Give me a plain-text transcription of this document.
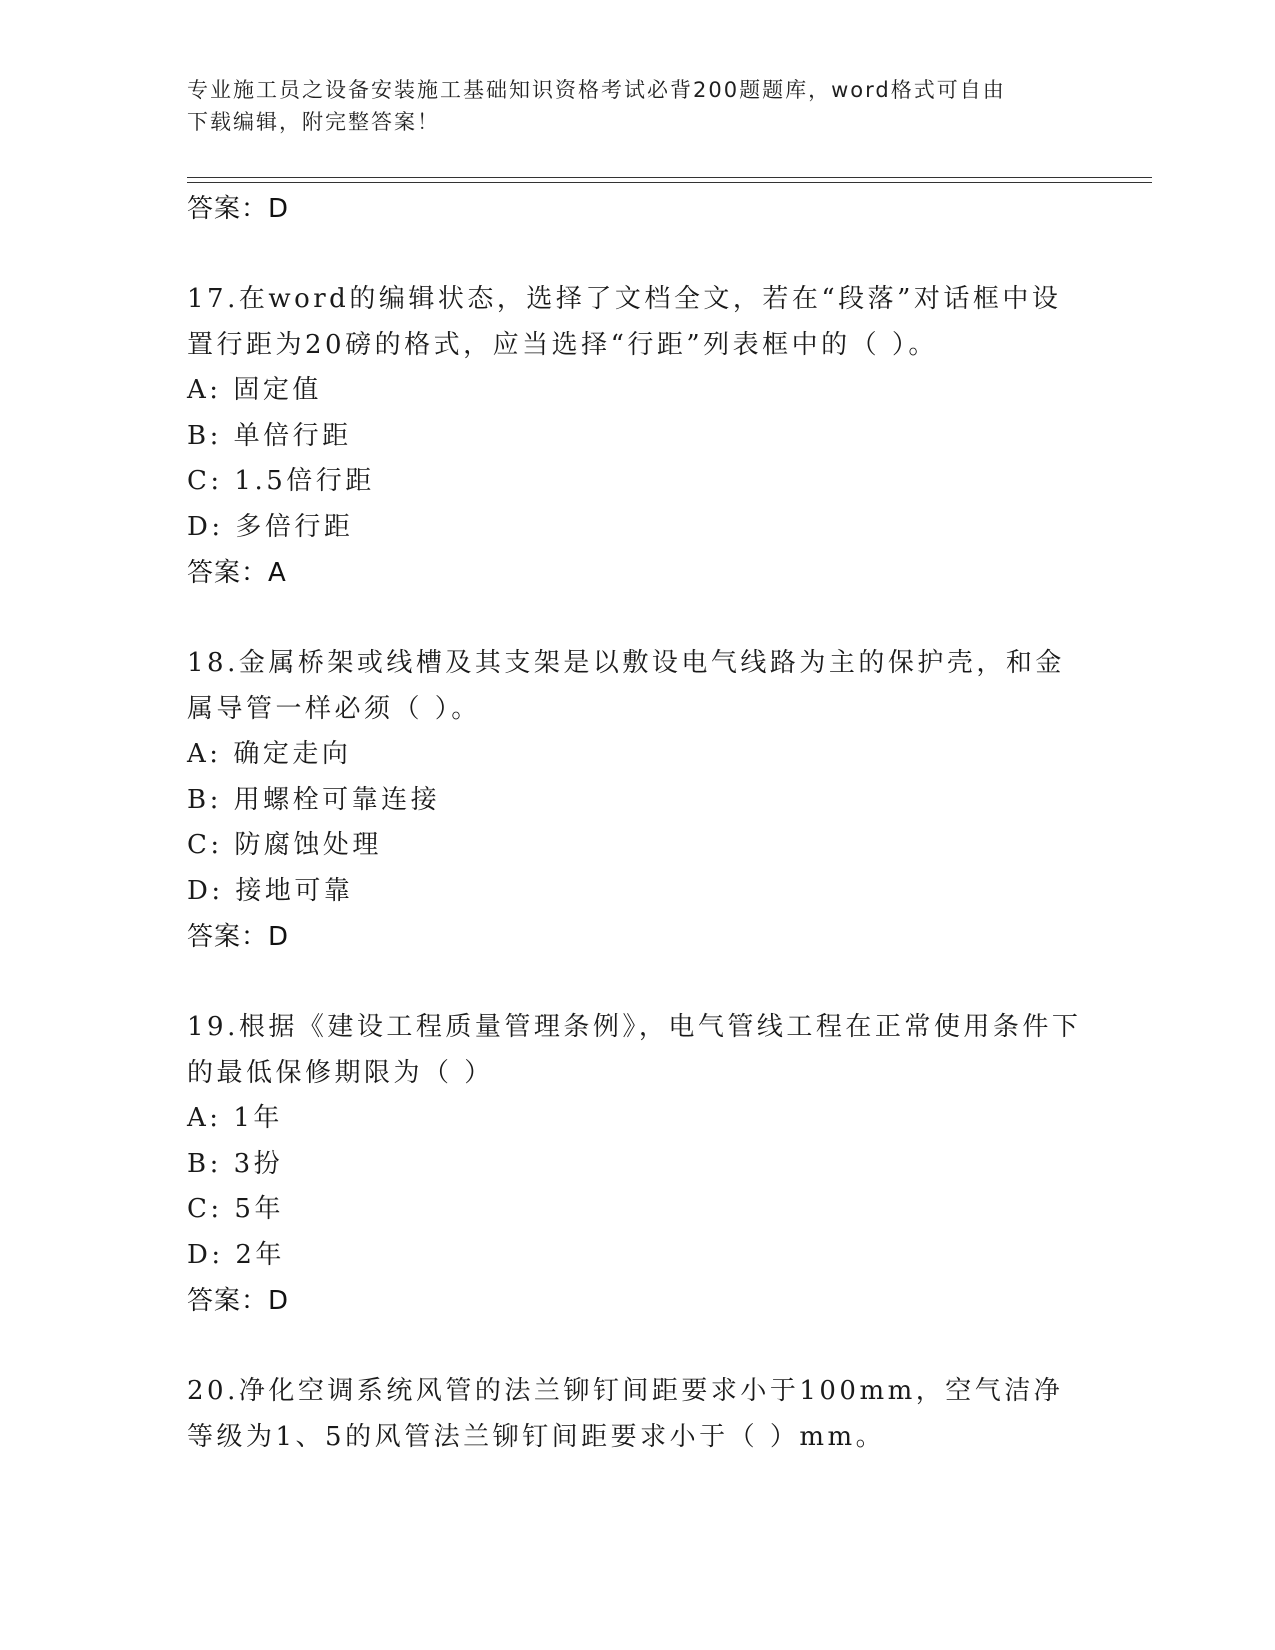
专业施工员之设备安装施工基础知识资格考试必背200题题库，word格式可自由
下载编辑，附完整答案！
答案：D
17.在word的编辑状态，选择了文档全文，若在“段落”对话框中设置行距为20磅的格式，应当选择“行距”列表框中的（ ）。
A: 固定值
B: 单倍行距
C: 1.5倍行距
D: 多倍行距
答案：A
18.金属桥架或线槽及其支架是以敷设电气线路为主的保护壳，和金属导管一样必须（ ）。
A: 确定走向
B: 用螺栓可靠连接
C: 防腐蚀处理
D: 接地可靠
答案：D
19.根据《建设工程质量管理条例》，电气管线工程在正常使用条件下的最低保修期限为（ ）
A: 1年
B: 3扮
C: 5年
D: 2年
答案：D
20.净化空调系统风管的法兰铆钉间距要求小于100mm，空气洁净等级为1、5的风管法兰铆钉间距要求小于（ ）mm。
